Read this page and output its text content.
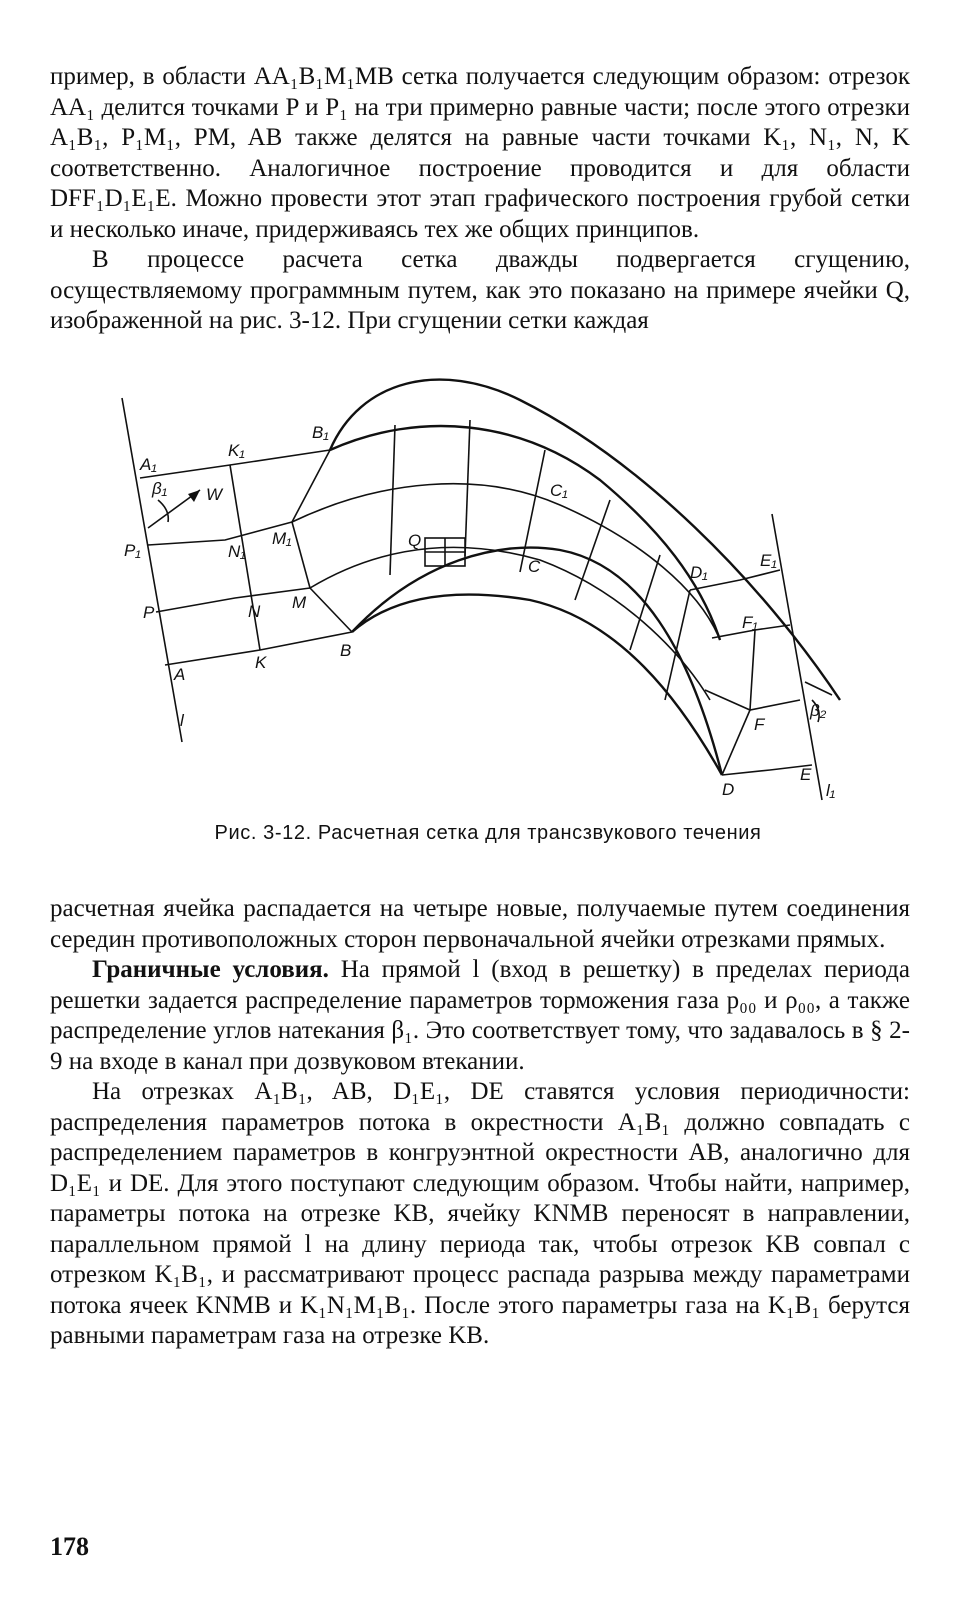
пример, в области AA₁B₁M₁MB сетка получается следующим образом: отрезок AA₁ делится точками P и P₁ на три примерно равные части; после этого отрезки A₁B₁, P₁M₁, PM, AB также делятся на равные части точками K₁, N₁, N, K соответственно. Аналогичное построение проводится и для области DFF₁D₁E₁E. Можно провести этот этап графического построения грубой сетки и несколько иначе, придерживаясь тех же общих принципов.

В процессе расчета сетка дважды подвергается сгущению, осуществляемому программным путем, как это показано на примере ячейки Q, изображенной на рис. 3-12. При сгущении сетки каждая

A₁
K₁
B₁
β₁ W
P₁	N₁
M₁	Q
C₁
P	N M
C	D₁
E₁
F₁
A
K
B
l
β₂
F
D
E
l₁
Рис. 3-12. Расчетная сетка для трансзвукового течения

расчетная ячейка распадается на четыре новые, получаемые путем соединения середин противоположных сторон первоначальной ячейки отрезками прямых.

Граничные условия. На прямой l (вход в решетку) в пределах периода решетки задается распределение параметров торможения газа p₀₀ и ρ₀₀, а также распределение углов натекания β₁. Это соответствует тому, что задавалось в § 2-9 на входе в канал при дозвуковом втекании.

На отрезках A₁B₁, AB, D₁E₁, DE ставятся условия периодичности: распределения параметров потока в окрестности A₁B₁ должно совпадать с распределением параметров в конгруэнтной окрестности AB, аналогично для D₁E₁ и DE. Для этого поступают следующим образом. Чтобы найти, например, параметры потока на отрезке KB, ячейку KNMB переносят в направлении, параллельном прямой l на длину периода так, чтобы отрезок KB совпал с отрезком K₁B₁, и рассматривают процесс распада разрыва между параметрами потока ячеек KNMB и K₁N₁M₁B₁. После этого параметры газа на K₁B₁ берутся равными параметрам газа на отрезке KB.

178
